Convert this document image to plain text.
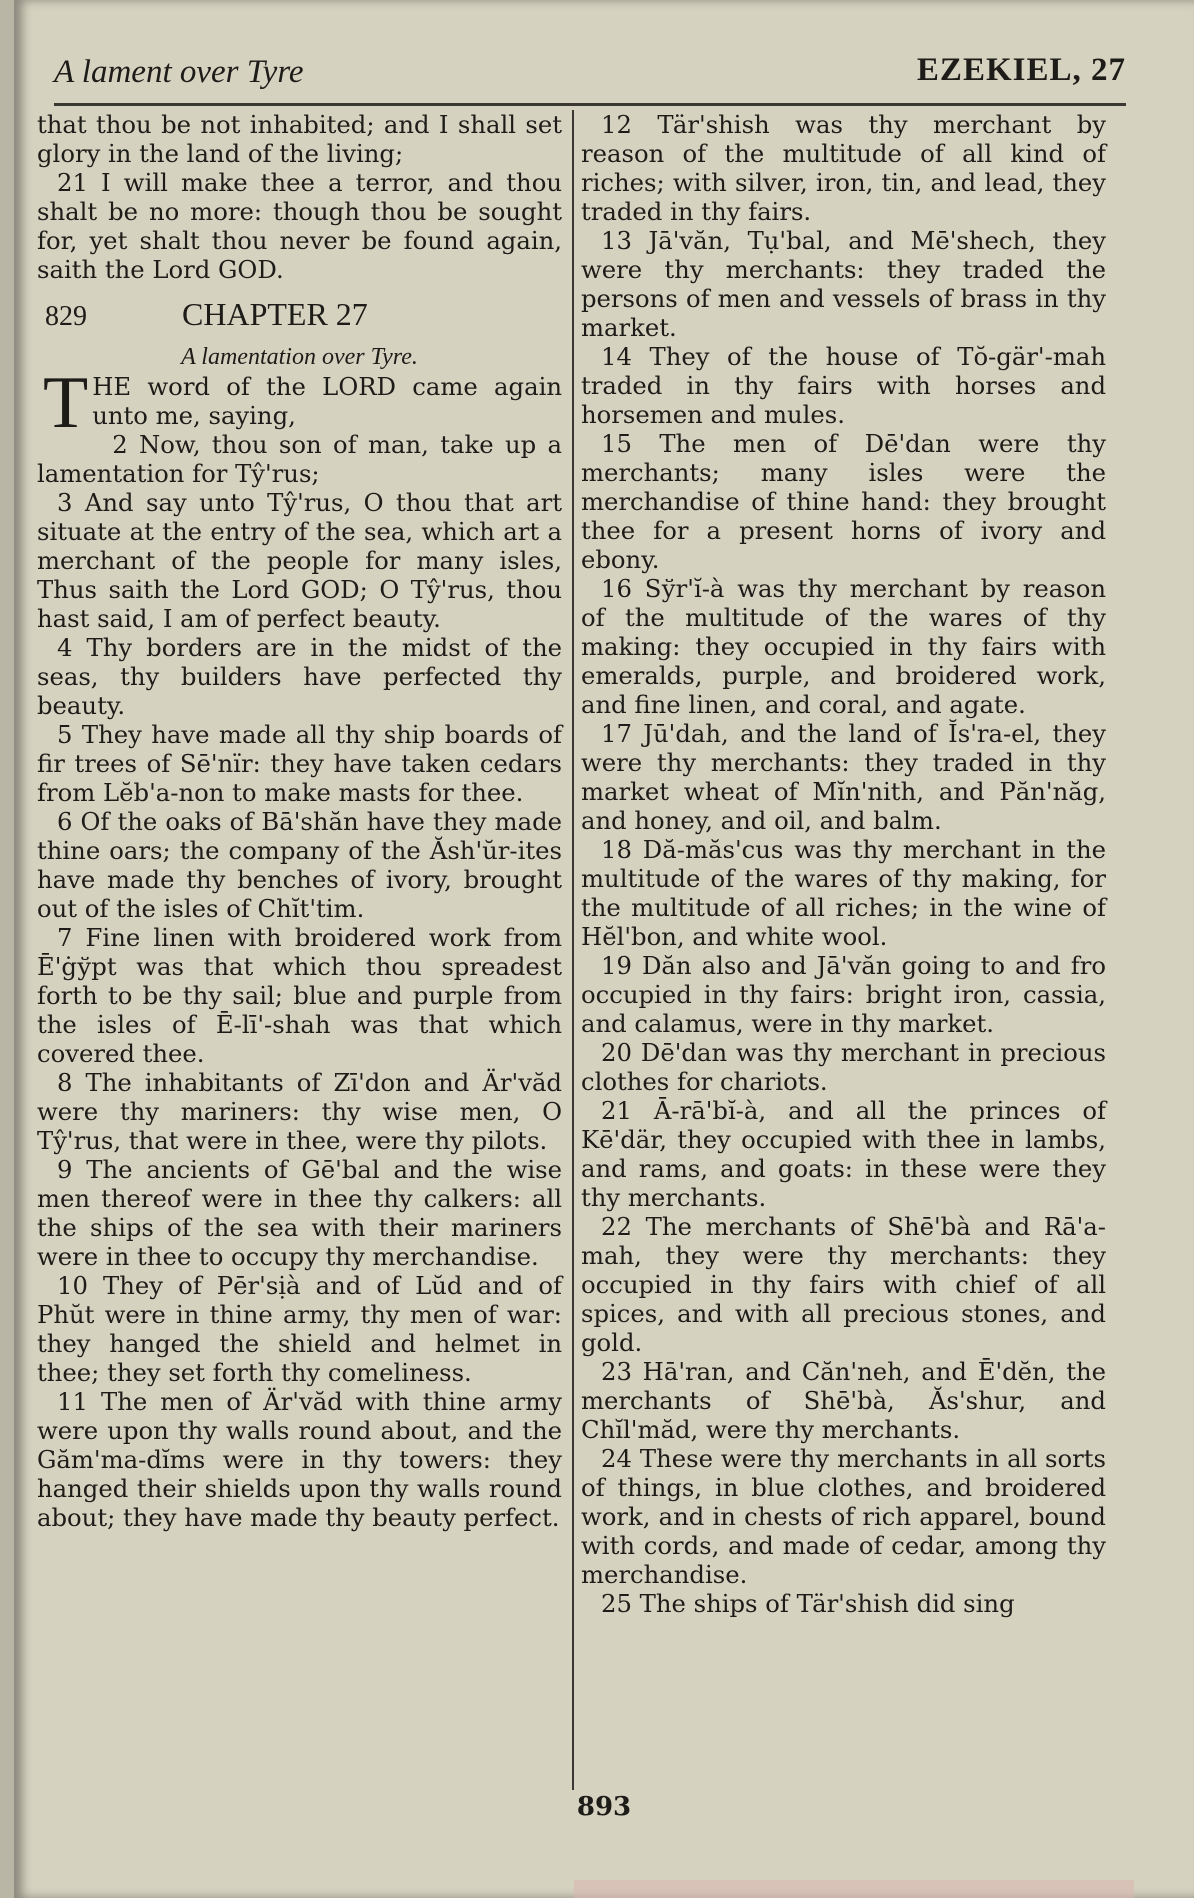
A lament over Tyre	EZEKIEL, 27

that thou be not inhabited; and I shall set glory in the land of the living;

21 I will make thee a terror, and thou shalt be no more: though thou be sought for, yet shalt thou never be found again, saith the Lord GOD.

829	CHAPTER 27

A lamentation over Tyre.

THE word of the LORD came again unto me, saying,

2 Now, thou son of man, take up a lamentation for Tŷ'rus;

3 And say unto Tŷ'rus, O thou that art situate at the entry of the sea, which art a merchant of the people for many isles, Thus saith the Lord GOD; O Tŷ'rus, thou hast said, I am of perfect beauty.

4 Thy borders are in the midst of the seas, thy builders have perfected thy beauty.

5 They have made all thy ship boards of fir trees of Sē'nïr: they have taken cedars from Lĕb'a-non to make masts for thee.

6 Of the oaks of Bā'shăn have they made thine oars; the company of the Ăsh'ŭr-ites have made thy benches of ivory, brought out of the isles of Chĭt'tim.

7 Fine linen with broidered work from Ē'ġўpt was that which thou spreadest forth to be thy sail; blue and purple from the isles of Ē-lī'-shah was that which covered thee.

8 The inhabitants of Zī'don and Är'văd were thy mariners: thy wise men, O Tŷ'rus, that were in thee, were thy pilots.

9 The ancients of Gē'bal and the wise men thereof were in thee thy calkers: all the ships of the sea with their mariners were in thee to occupy thy merchandise.

10 They of Pēr'sịà and of Lŭd and of Phŭt were in thine army, thy men of war: they hanged the shield and helmet in thee; they set forth thy comeliness.

11 The men of Är'văd with thine army were upon thy walls round about, and the Găm'ma-dĭms were in thy towers: they hanged their shields upon thy walls round about; they have made thy beauty perfect.

12 Tär'shish was thy merchant by reason of the multitude of all kind of riches; with silver, iron, tin, and lead, they traded in thy fairs.

13 Jā'văn, Tụ'bal, and Mē'shech, they were thy merchants: they traded the persons of men and vessels of brass in thy market.

14 They of the house of Tŏ-gär'-mah traded in thy fairs with horses and horsemen and mules.

15 The men of Dē'dan were thy merchants; many isles were the merchandise of thine hand: they brought thee for a present horns of ivory and ebony.

16 Sўr'ĭ-à was thy merchant by reason of the multitude of the wares of thy making: they occupied in thy fairs with emeralds, purple, and broidered work, and fine linen, and coral, and agate.

17 Jū'dah, and the land of Ĭs'ra-el, they were thy merchants: they traded in thy market wheat of Mĭn'nith, and Păn'năg, and honey, and oil, and balm.

18 Dă-măs'cus was thy merchant in the multitude of the wares of thy making, for the multitude of all riches; in the wine of Hĕl'bon, and white wool.

19 Dăn also and Jā'văn going to and fro occupied in thy fairs: bright iron, cassia, and calamus, were in thy market.

20 Dē'dan was thy merchant in precious clothes for chariots.

21 Ā-rā'bĭ-à, and all the princes of Kē'där, they occupied with thee in lambs, and rams, and goats: in these were they thy merchants.

22 The merchants of Shē'bà and Rā'a-mah, they were thy merchants: they occupied in thy fairs with chief of all spices, and with all precious stones, and gold.

23 Hā'ran, and Căn'neh, and Ē'dĕn, the merchants of Shē'bà, Ăs'shur, and Chĭl'măd, were thy merchants.

24 These were thy merchants in all sorts of things, in blue clothes, and broidered work, and in chests of rich apparel, bound with cords, and made of cedar, among thy merchandise.

25 The ships of Tär'shish did sing

893
